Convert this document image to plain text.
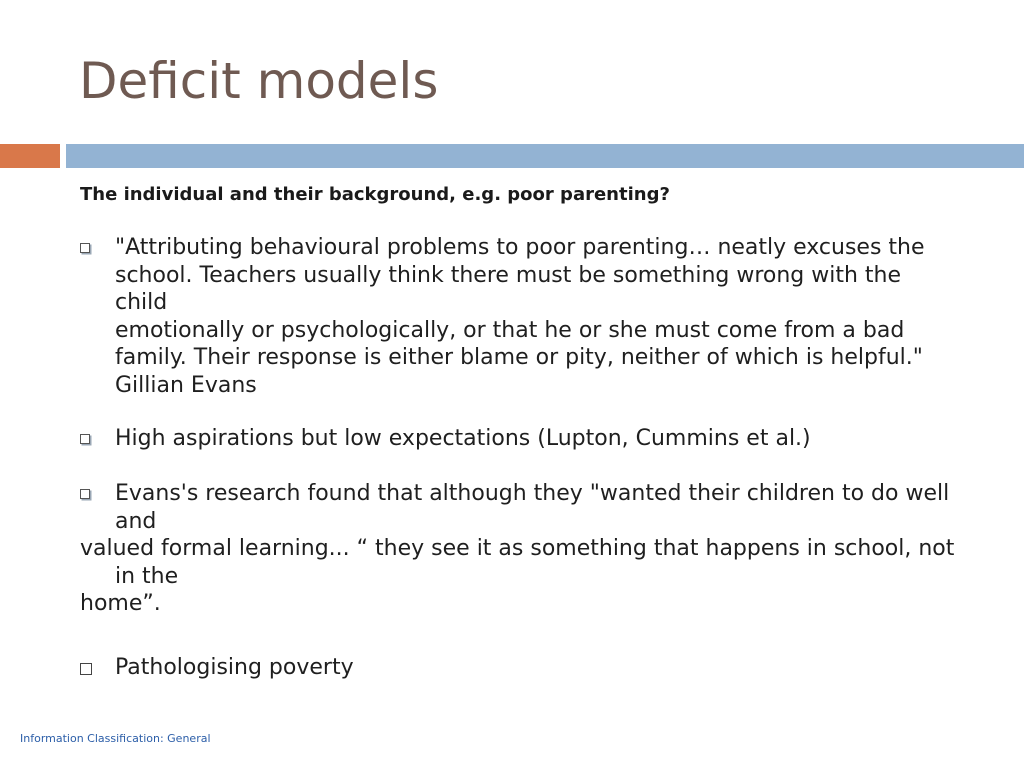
Deficit models
The individual and their background, e.g. poor parenting?
"Attributing behavioural problems to poor parenting… neatly excuses the
school. Teachers usually think there must be something wrong with the child
emotionally or psychologically, or that he or she must come from a bad
family. Their response is either blame or pity, neither of which is helpful."
Gillian Evans
High aspirations but low expectations (Lupton, Cummins et al.)
Evans's research found that although they "wanted their children to do well
and
valued formal learning... “ they see it as something that happens in school, not
in the
home”.
Pathologising poverty
Information Classification: General
